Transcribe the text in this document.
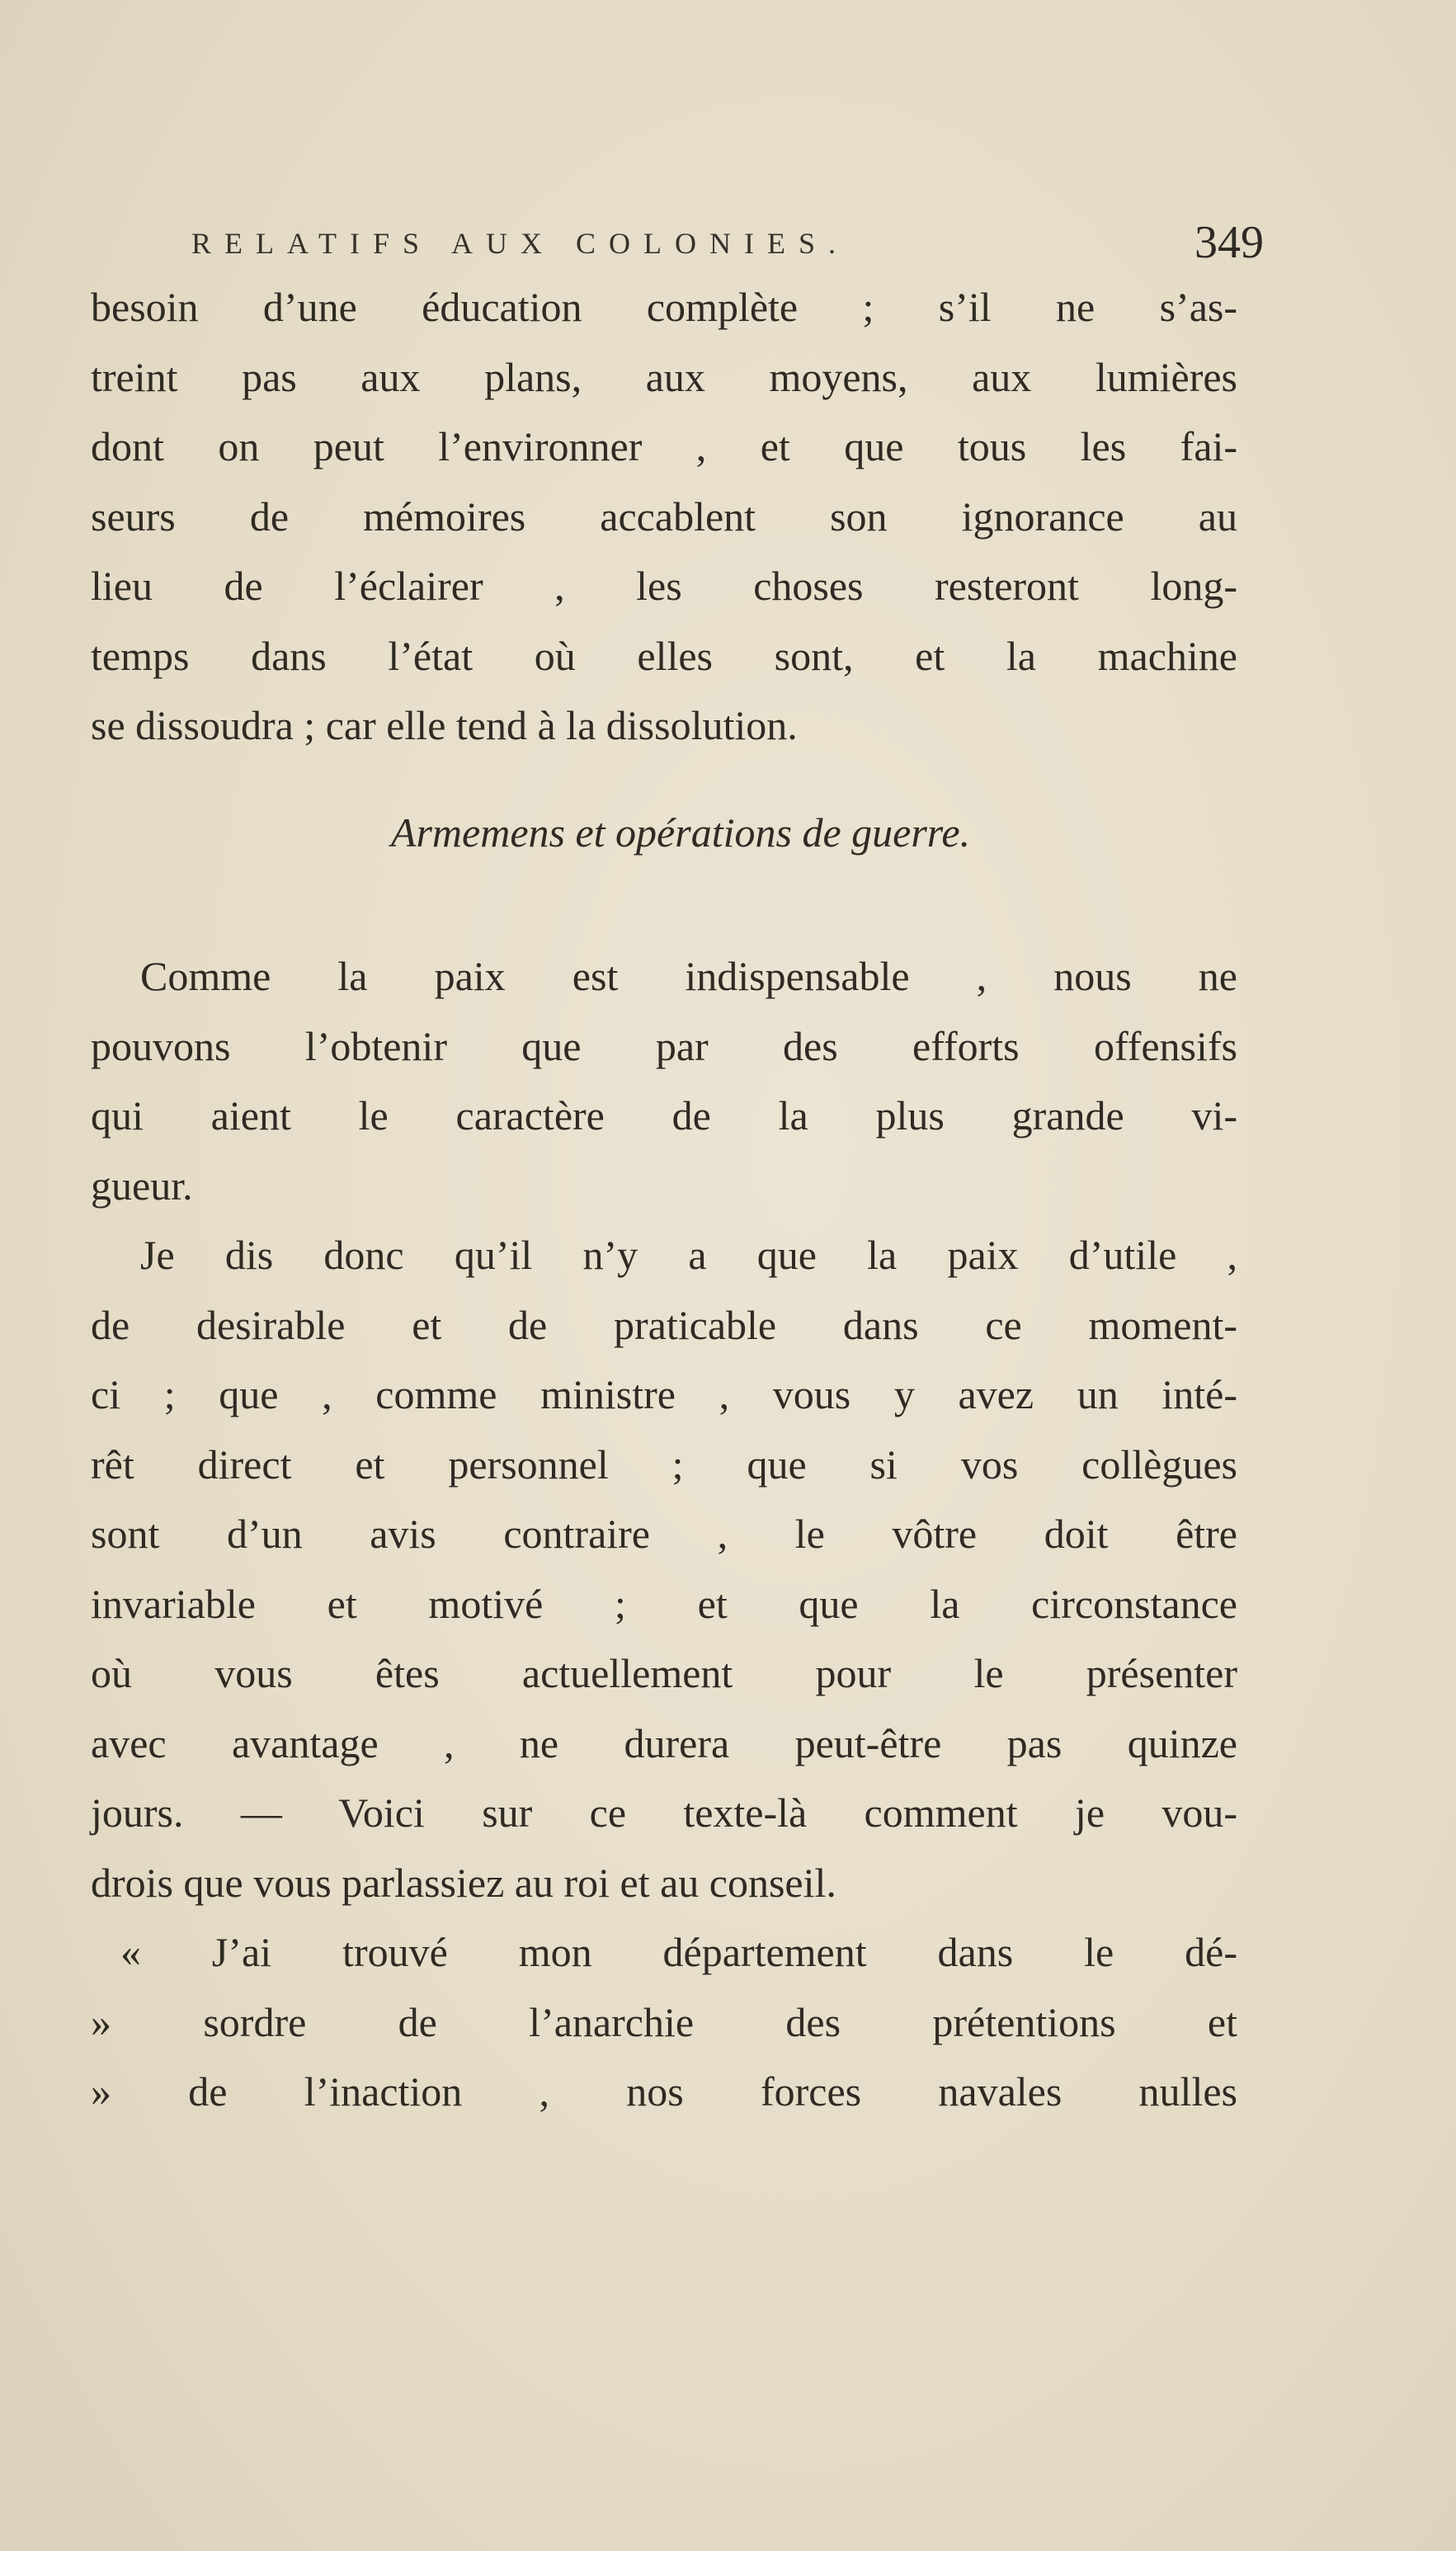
RELATIFS AUX COLONIES.	349
besoin d’une éducation complète ; s’il ne s’as-
treint pas aux plans, aux moyens, aux lumières
dont on peut l’environner , et que tous les fai-
seurs de mémoires accablent son ignorance au
lieu de l’éclairer , les choses resteront long-
temps dans l’état où elles sont, et la machine
se dissoudra ; car elle tend à la dissolution.
Armemens et opérations de guerre.
Comme la paix est indispensable , nous ne
pouvons l’obtenir que par des efforts offensifs
qui aient le caractère de la plus grande vi-
gueur.
Je dis donc qu’il n’y a que la paix d’utile ,
de desirable et de praticable dans ce moment-
ci ; que , comme ministre , vous y avez un inté-
rêt direct et personnel ; que si vos collègues
sont d’un avis contraire , le vôtre doit être
invariable et motivé ; et que la circonstance
où vous êtes actuellement pour le présenter
avec avantage , ne durera peut-être pas quinze
jours. — Voici sur ce texte-là comment je vou-
drois que vous parlassiez au roi et au conseil.
« J’ai trouvé mon département dans le dé-
» sordre de l’anarchie des prétentions et
» de l’inaction , nos forces navales nulles
